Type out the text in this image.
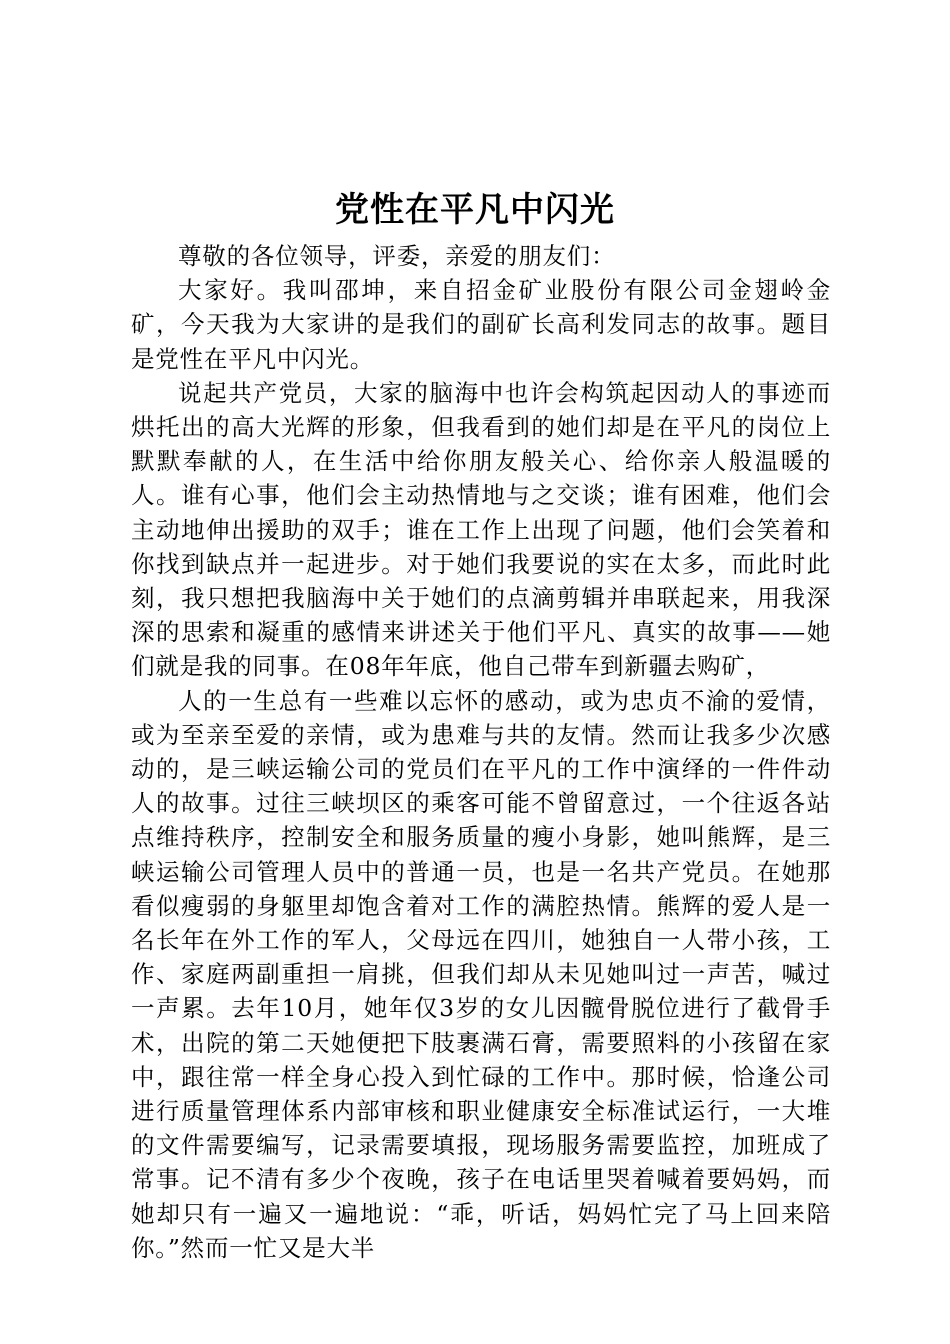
党性在平凡中闪光

尊敬的各位领导，评委，亲爱的朋友们：

大家好。我叫邵坤，来自招金矿业股份有限公司金翅岭金矿，今天我为大家讲的是我们的副矿长高利发同志的故事。题目是党性在平凡中闪光。

说起共产党员，大家的脑海中也许会构筑起因动人的事迹而烘托出的高大光辉的形象，但我看到的她们却是在平凡的岗位上默默奉献的人，在生活中给你朋友般关心、给你亲人般温暖的人。谁有心事，他们会主动热情地与之交谈；谁有困难，他们会主动地伸出援助的双手；谁在工作上出现了问题，他们会笑着和你找到缺点并一起进步。对于她们我要说的实在太多，而此时此刻，我只想把我脑海中关于她们的点滴剪辑并串联起来，用我深深的思索和凝重的感情来讲述关于他们平凡、真实的故事——她们就是我的同事。在08年年底，他自己带车到新疆去购矿，

人的一生总有一些难以忘怀的感动，或为忠贞不渝的爱情，或为至亲至爱的亲情，或为患难与共的友情。然而让我多少次感动的，是三峡运输公司的党员们在平凡的工作中演绎的一件件动人的故事。过往三峡坝区的乘客可能不曾留意过，一个往返各站点维持秩序，控制安全和服务质量的瘦小身影，她叫熊辉，是三峡运输公司管理人员中的普通一员，也是一名共产党员。在她那看似瘦弱的身躯里却饱含着对工作的满腔热情。熊辉的爱人是一名长年在外工作的军人，父母远在四川，她独自一人带小孩，工作、家庭两副重担一肩挑，但我们却从未见她叫过一声苦，喊过一声累。去年10月，她年仅3岁的女儿因髋骨脱位进行了截骨手术，出院的第二天她便把下肢裹满石膏，需要照料的小孩留在家中，跟往常一样全身心投入到忙碌的工作中。那时候，恰逢公司进行质量管理体系内部审核和职业健康安全标准试运行，一大堆的文件需要编写，记录需要填报，现场服务需要监控，加班成了常事。记不清有多少个夜晚，孩子在电话里哭着喊着要妈妈，而她却只有一遍又一遍地说：“乖，听话，妈妈忙完了马上回来陪你。”然而一忙又是大半
